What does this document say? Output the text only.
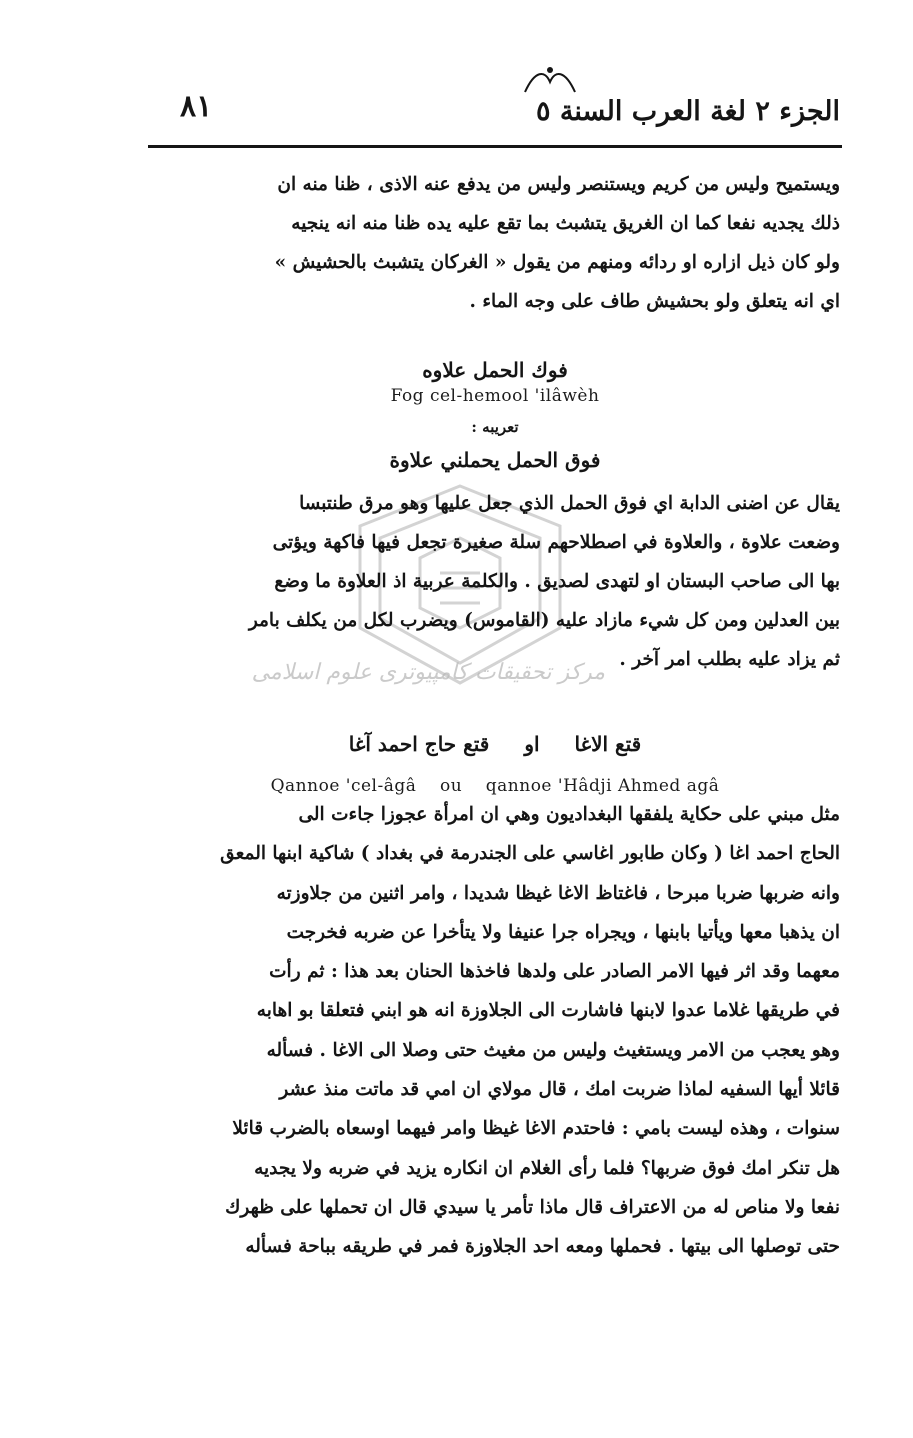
مرکز تحقیقات کامپیوتری علوم اسلامی
٨١	الجزء ٢ لغة العرب السنة ٥
ويستميح وليس من كريم ويستنصر وليس من يدفع عنه الاذى ، ظنا منه ان
ذلك يجديه نفعا كما ان الغريق يتشبث بما تقع عليه يده ظنا منه انه ينجيه
ولو كان ذيل ازاره او ردائه ومنهم من يقول « الغركان يتشبث بالحشيش »
اي انه يتعلق ولو بحشيش طاف على وجه الماء .
فوك الحمل علاوه
Fog cel-hemool 'ilâwèh
تعريبه :
فوق الحمل يحملني علاوة
يقال عن اضنى الدابة اي فوق الحمل الذي جعل عليها وهو مرق طنتبسا
وضعت علاوة ، والعلاوة في اصطلاحهم سلة صغيرة تجعل فيها فاكهة ويؤتى
بها الى صاحب البستان او لتهدى لصديق . والكلمة عربية اذ العلاوة ما وضع
بين العدلين ومن كل شيء مازاد عليه (القاموس) ويضرب لكل من يكلف بامر
ثم يزاد عليه بطلب امر آخر .
قتع الاغا او قتع حاج احمد آغا
Qannoe 'cel-âgâ    ou    qannoe 'Hâdji Ahmed agâ
مثل مبني على حكاية يلفقها البغداديون وهي ان امرأة عجوزا جاءت الى
الحاج احمد اغا ( وكان طابور اغاسي على الجندرمة في بغداد ) شاكية ابنها المعق
وانه ضربها ضربا مبرحا ، فاغتاظ الاغا غيظا شديدا ، وامر اثنين من جلاوزته
ان يذهبا معها ويأتيا بابنها ، ويجراه جرا عنيفا ولا يتأخرا عن ضربه فخرجت
معهما وقد اثر فيها الامر الصادر على ولدها فاخذها الحنان بعد هذا : ثم رأت
في طريقها غلاما عدوا لابنها فاشارت الى الجلاوزة انه هو ابني فتعلقا بو اهابه
وهو يعجب من الامر ويستغيث وليس من مغيث حتى وصلا الى الاغا . فسأله
قائلا أيها السفيه لماذا ضربت امك ، قال مولاي ان امي قد ماتت منذ عشر
سنوات ، وهذه ليست بامي : فاحتدم الاغا غيظا وامر فيهما اوسعاه بالضرب قائلا
هل تنكر امك فوق ضربها؟ فلما رأى الغلام ان انكاره يزيد في ضربه ولا يجديه
نفعا ولا مناص له من الاعتراف قال ماذا تأمر يا سيدي قال ان تحملها على ظهرك
حتى توصلها الى بيتها . فحملها ومعه احد الجلاوزة فمر في طريقه بباحة فسأله
